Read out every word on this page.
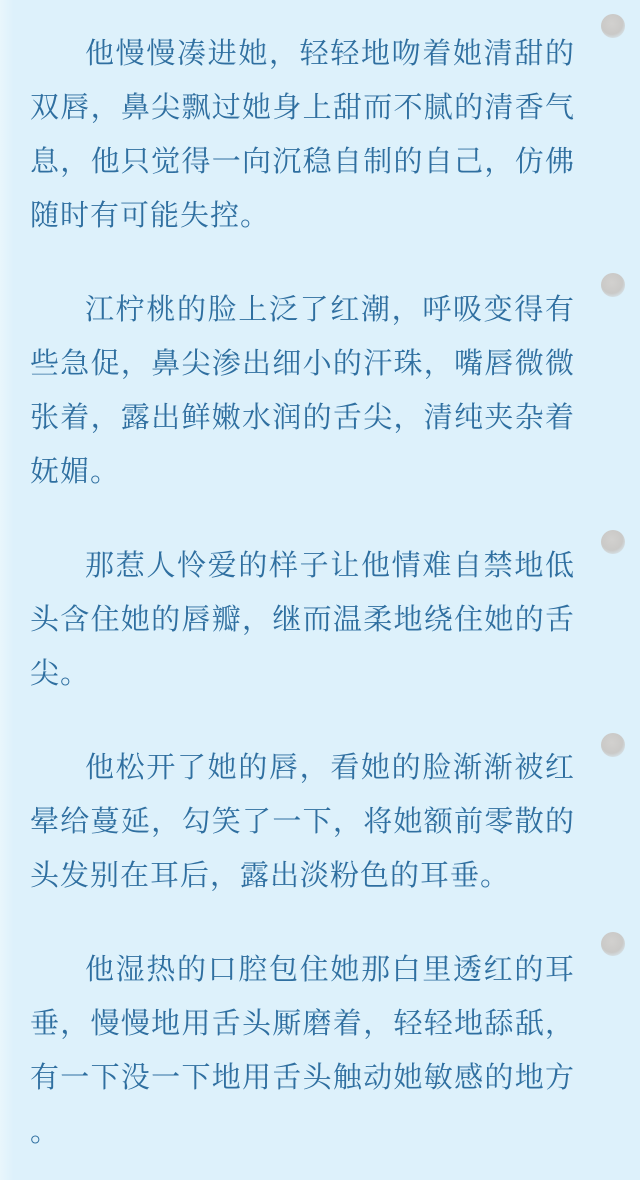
他慢慢凑进她，轻轻地吻着她清甜的双唇，鼻尖飘过她身上甜而不腻的清香气息，他只觉得一向沉稳自制的自己，仿佛随时有可能失控。

江柠桃的脸上泛了红潮，呼吸变得有些急促，鼻尖渗出细小的汗珠，嘴唇微微张着，露出鲜嫩水润的舌尖，清纯夹杂着妩媚。

那惹人怜爱的样子让他情难自禁地低头含住她的唇瓣，继而温柔地绕住她的舌尖。

他松开了她的唇，看她的脸渐渐被红晕给蔓延，勾笑了一下，将她额前零散的头发别在耳后，露出淡粉色的耳垂。

他湿热的口腔包住她那白里透红的耳垂，慢慢地用舌头厮磨着，轻轻地舔舐，有一下没一下地用舌头触动她敏感的地方。
